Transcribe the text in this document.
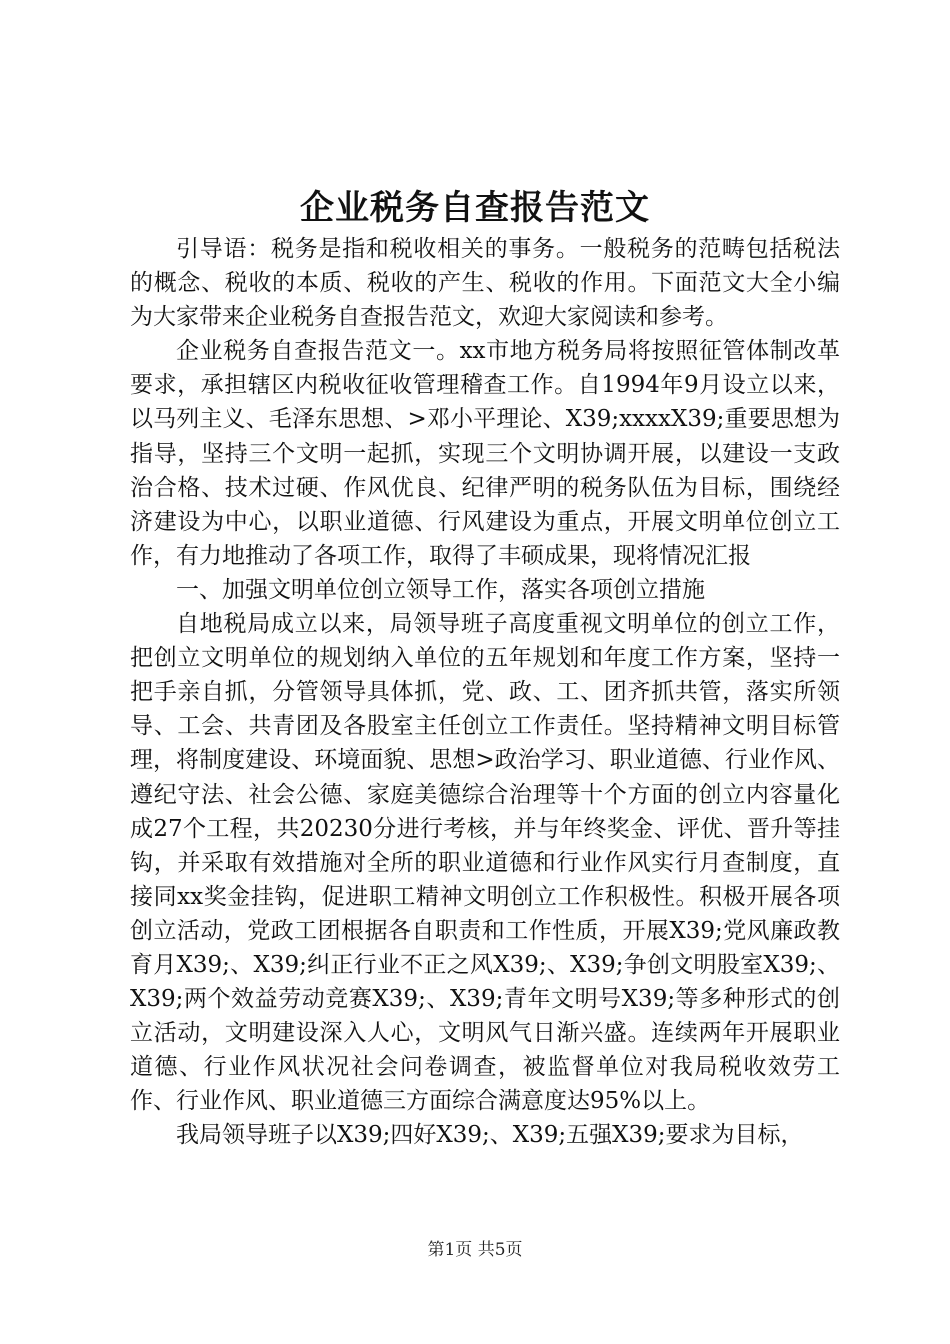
企业税务自查报告范文

引导语：税务是指和税收相关的事务。一般税务的范畴包括税法的概念、税收的本质、税收的产生、税收的作用。下面范文大全小编为大家带来企业税务自查报告范文，欢迎大家阅读和参考。

企业税务自查报告范文一。xx市地方税务局将按照征管体制改革要求，承担辖区内税收征收管理稽查工作。自1994年9月设立以来，以马列主义、毛泽东思想、>邓小平理论、X39;xxxxX39;重要思想为指导，坚持三个文明一起抓，实现三个文明协调开展，以建设一支政治合格、技术过硬、作风优良、纪律严明的税务队伍为目标，围绕经济建设为中心，以职业道德、行风建设为重点，开展文明单位创立工作，有力地推动了各项工作，取得了丰硕成果，现将情况汇报

一、加强文明单位创立领导工作，落实各项创立措施

自地税局成立以来，局领导班子高度重视文明单位的创立工作，把创立文明单位的规划纳入单位的五年规划和年度工作方案，坚持一把手亲自抓，分管领导具体抓，党、政、工、团齐抓共管，落实所领导、工会、共青团及各股室主任创立工作责任。坚持精神文明目标管理，将制度建设、环境面貌、思想>政治学习、职业道德、行业作风、遵纪守法、社会公德、家庭美德综合治理等十个方面的创立内容量化成27个工程，共20230分进行考核，并与年终奖金、评优、晋升等挂钩，并采取有效措施对全所的职业道德和行业作风实行月查制度，直接同xx奖金挂钩，促进职工精神文明创立工作积极性。积极开展各项创立活动，党政工团根据各自职责和工作性质，开展X39;党风廉政教育月X39;、X39;纠正行业不正之风X39;、X39;争创文明股室X39;、X39;两个效益劳动竞赛X39;、X39;青年文明号X39;等多种形式的创立活动，文明建设深入人心，文明风气日渐兴盛。连续两年开展职业道德、行业作风状况社会问卷调查，被监督单位对我局税收效劳工作、行业作风、职业道德三方面综合满意度达95%以上。

我局领导班子以X39;四好X39;、X39;五强X39;要求为目标，

第1页 共5页
